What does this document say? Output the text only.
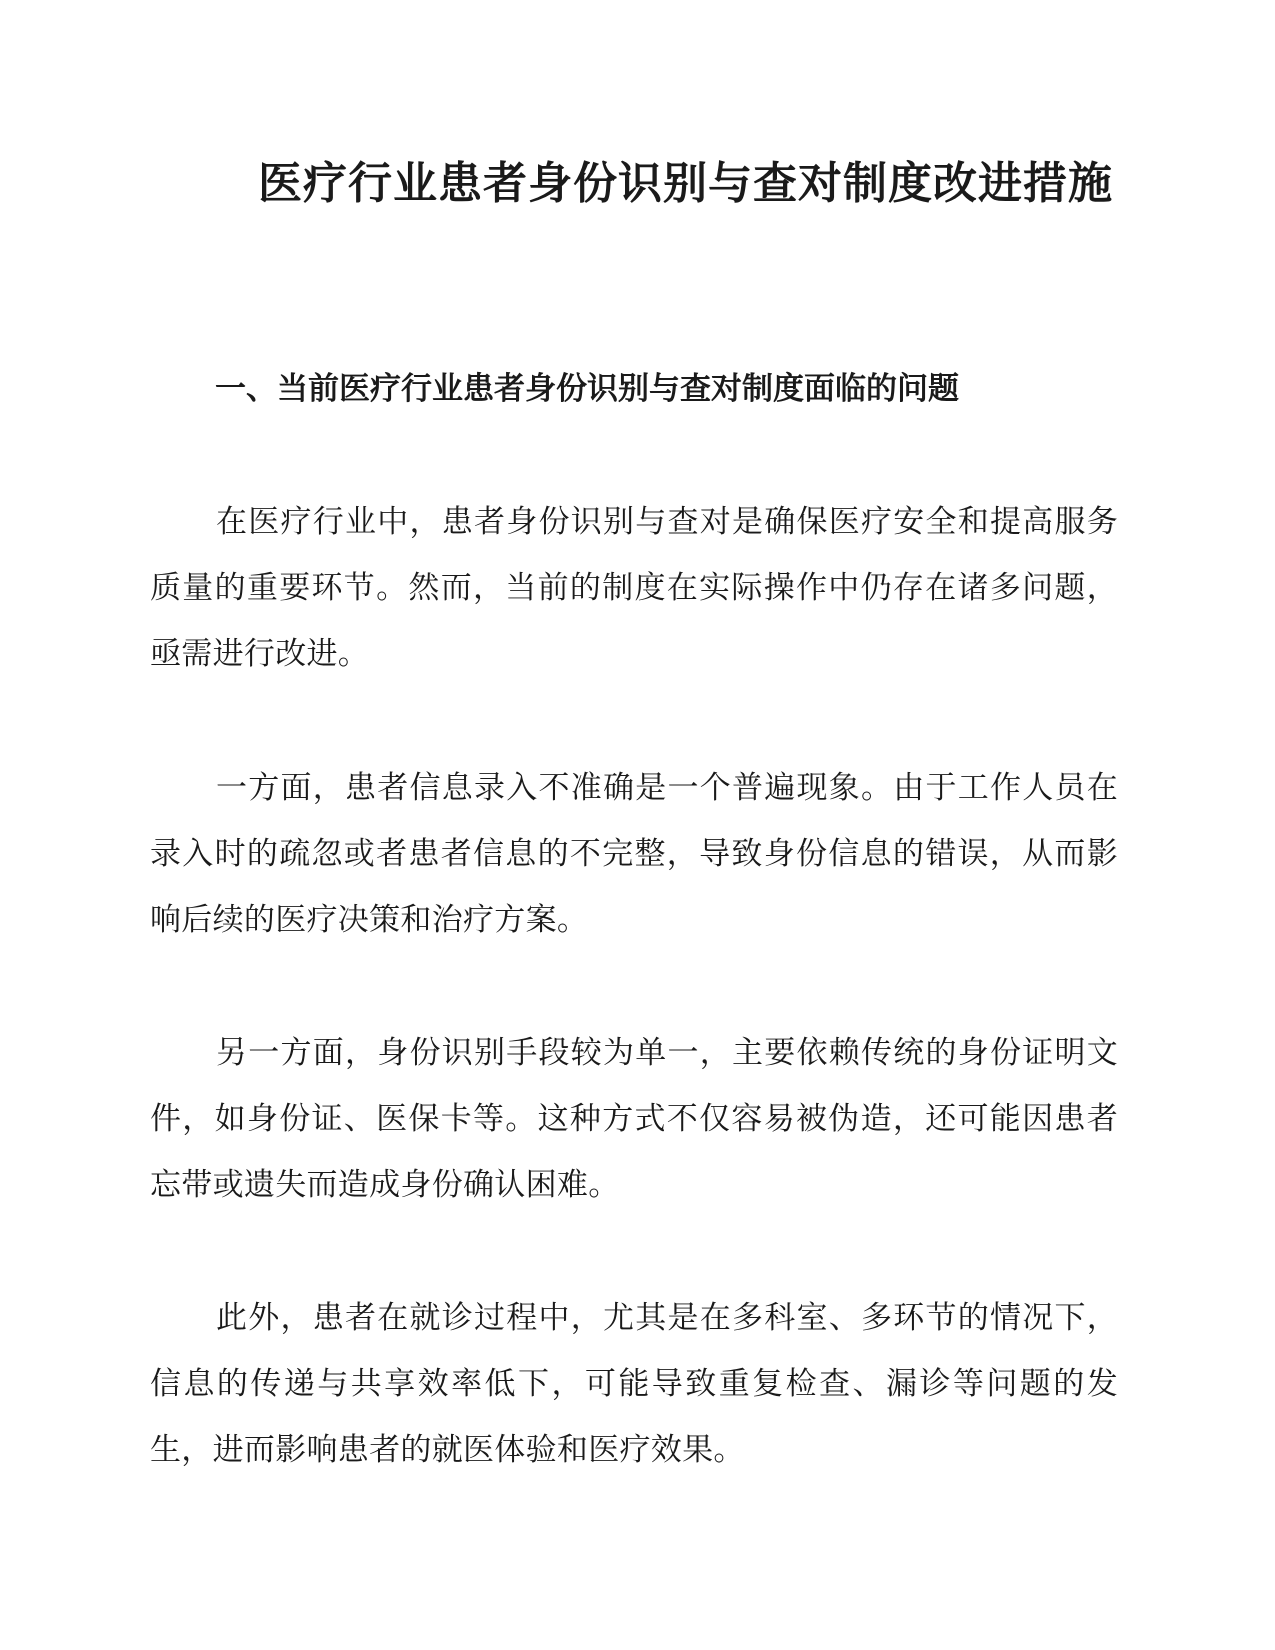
医疗行业患者身份识别与查对制度改进措施
一、当前医疗行业患者身份识别与查对制度面临的问题

在医疗行业中，患者身份识别与查对是确保医疗安全和提高服务质量的重要环节。然而，当前的制度在实际操作中仍存在诸多问题，亟需进行改进。

一方面，患者信息录入不准确是一个普遍现象。由于工作人员在录入时的疏忽或者患者信息的不完整，导致身份信息的错误，从而影响后续的医疗决策和治疗方案。

另一方面，身份识别手段较为单一，主要依赖传统的身份证明文件，如身份证、医保卡等。这种方式不仅容易被伪造，还可能因患者忘带或遗失而造成身份确认困难。

此外，患者在就诊过程中，尤其是在多科室、多环节的情况下，信息的传递与共享效率低下，可能导致重复检查、漏诊等问题的发生，进而影响患者的就医体验和医疗效果。
